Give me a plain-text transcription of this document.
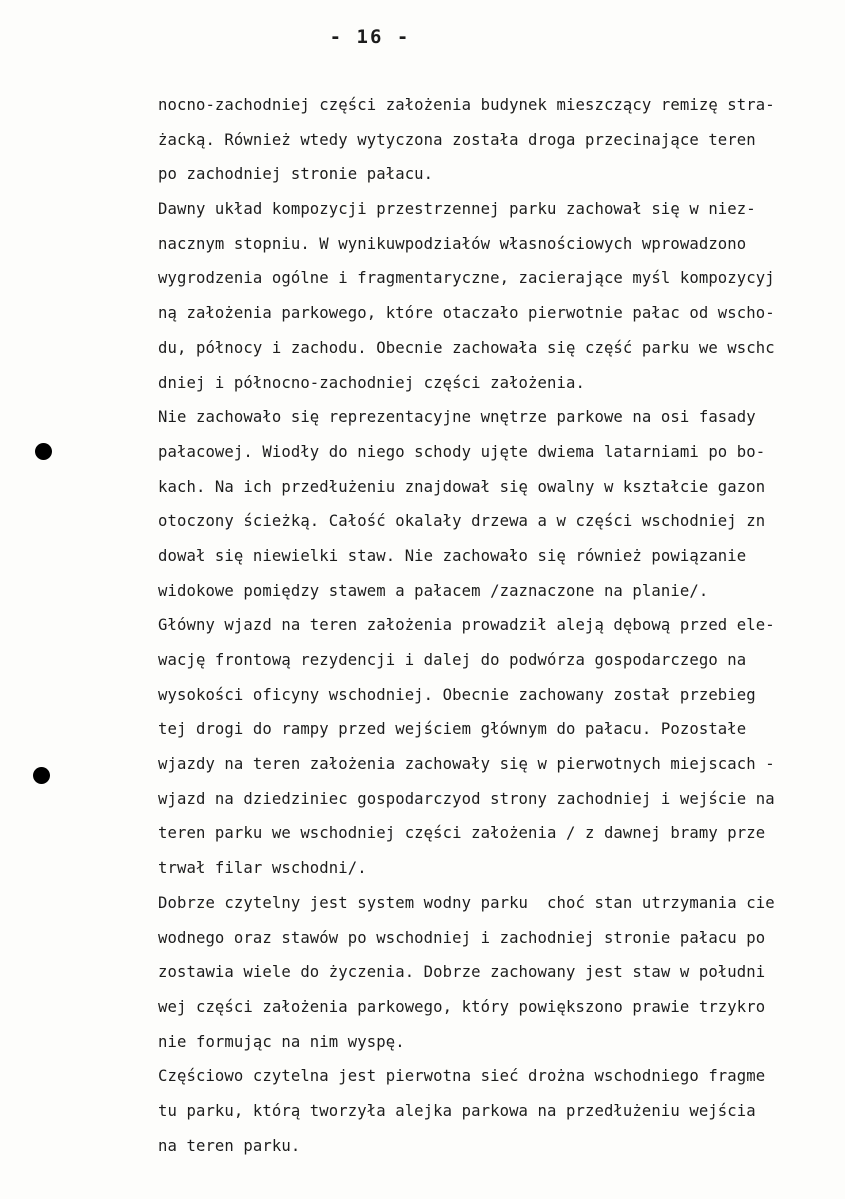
- 16 -
nocno-zachodniej części założenia budynek mieszczący remizę stra-
żacką. Również wtedy wytyczona została droga przecinające teren
po zachodniej stronie pałacu.
Dawny układ kompozycji przestrzennej parku zachował się w niez-
nacznym stopniu. W wynikuwpodziałów własnościowych wprowadzono
wygrodzenia ogólne i fragmentaryczne, zacierające myśl kompozycyj
ną założenia parkowego, które otaczało pierwotnie pałac od wscho-
du, północy i zachodu. Obecnie zachowała się część parku we wschc
dniej i północno-zachodniej części założenia.
Nie zachowało się reprezentacyjne wnętrze parkowe na osi fasady
pałacowej. Wiodły do niego schody ujęte dwiema latarniami po bo-
kach. Na ich przedłużeniu znajdował się owalny w kształcie gazon
otoczony ścieżką. Całość okalały drzewa a w części wschodniej zn
dował się niewielki staw. Nie zachowało się również powiązanie
widokowe pomiędzy stawem a pałacem /zaznaczone na planie/.
Główny wjazd na teren założenia prowadził aleją dębową przed ele-
wację frontową rezydencji i dalej do podwórza gospodarczego na
wysokości oficyny wschodniej. Obecnie zachowany został przebieg
tej drogi do rampy przed wejściem głównym do pałacu. Pozostałe
wjazdy na teren założenia zachowały się w pierwotnych miejscach -
wjazd na dziedziniec gospodarczyod strony zachodniej i wejście na
teren parku we wschodniej części założenia / z dawnej bramy prze
trwał filar wschodni/.
Dobrze czytelny jest system wodny parku  choć stan utrzymania cie
wodnego oraz stawów po wschodniej i zachodniej stronie pałacu po
zostawia wiele do życzenia. Dobrze zachowany jest staw w południ
wej części założenia parkowego, który powiększono prawie trzykro
nie formując na nim wyspę.
Częściowo czytelna jest pierwotna sieć drożna wschodniego fragme
tu parku, którą tworzyła alejka parkowa na przedłużeniu wejścia
na teren parku.
